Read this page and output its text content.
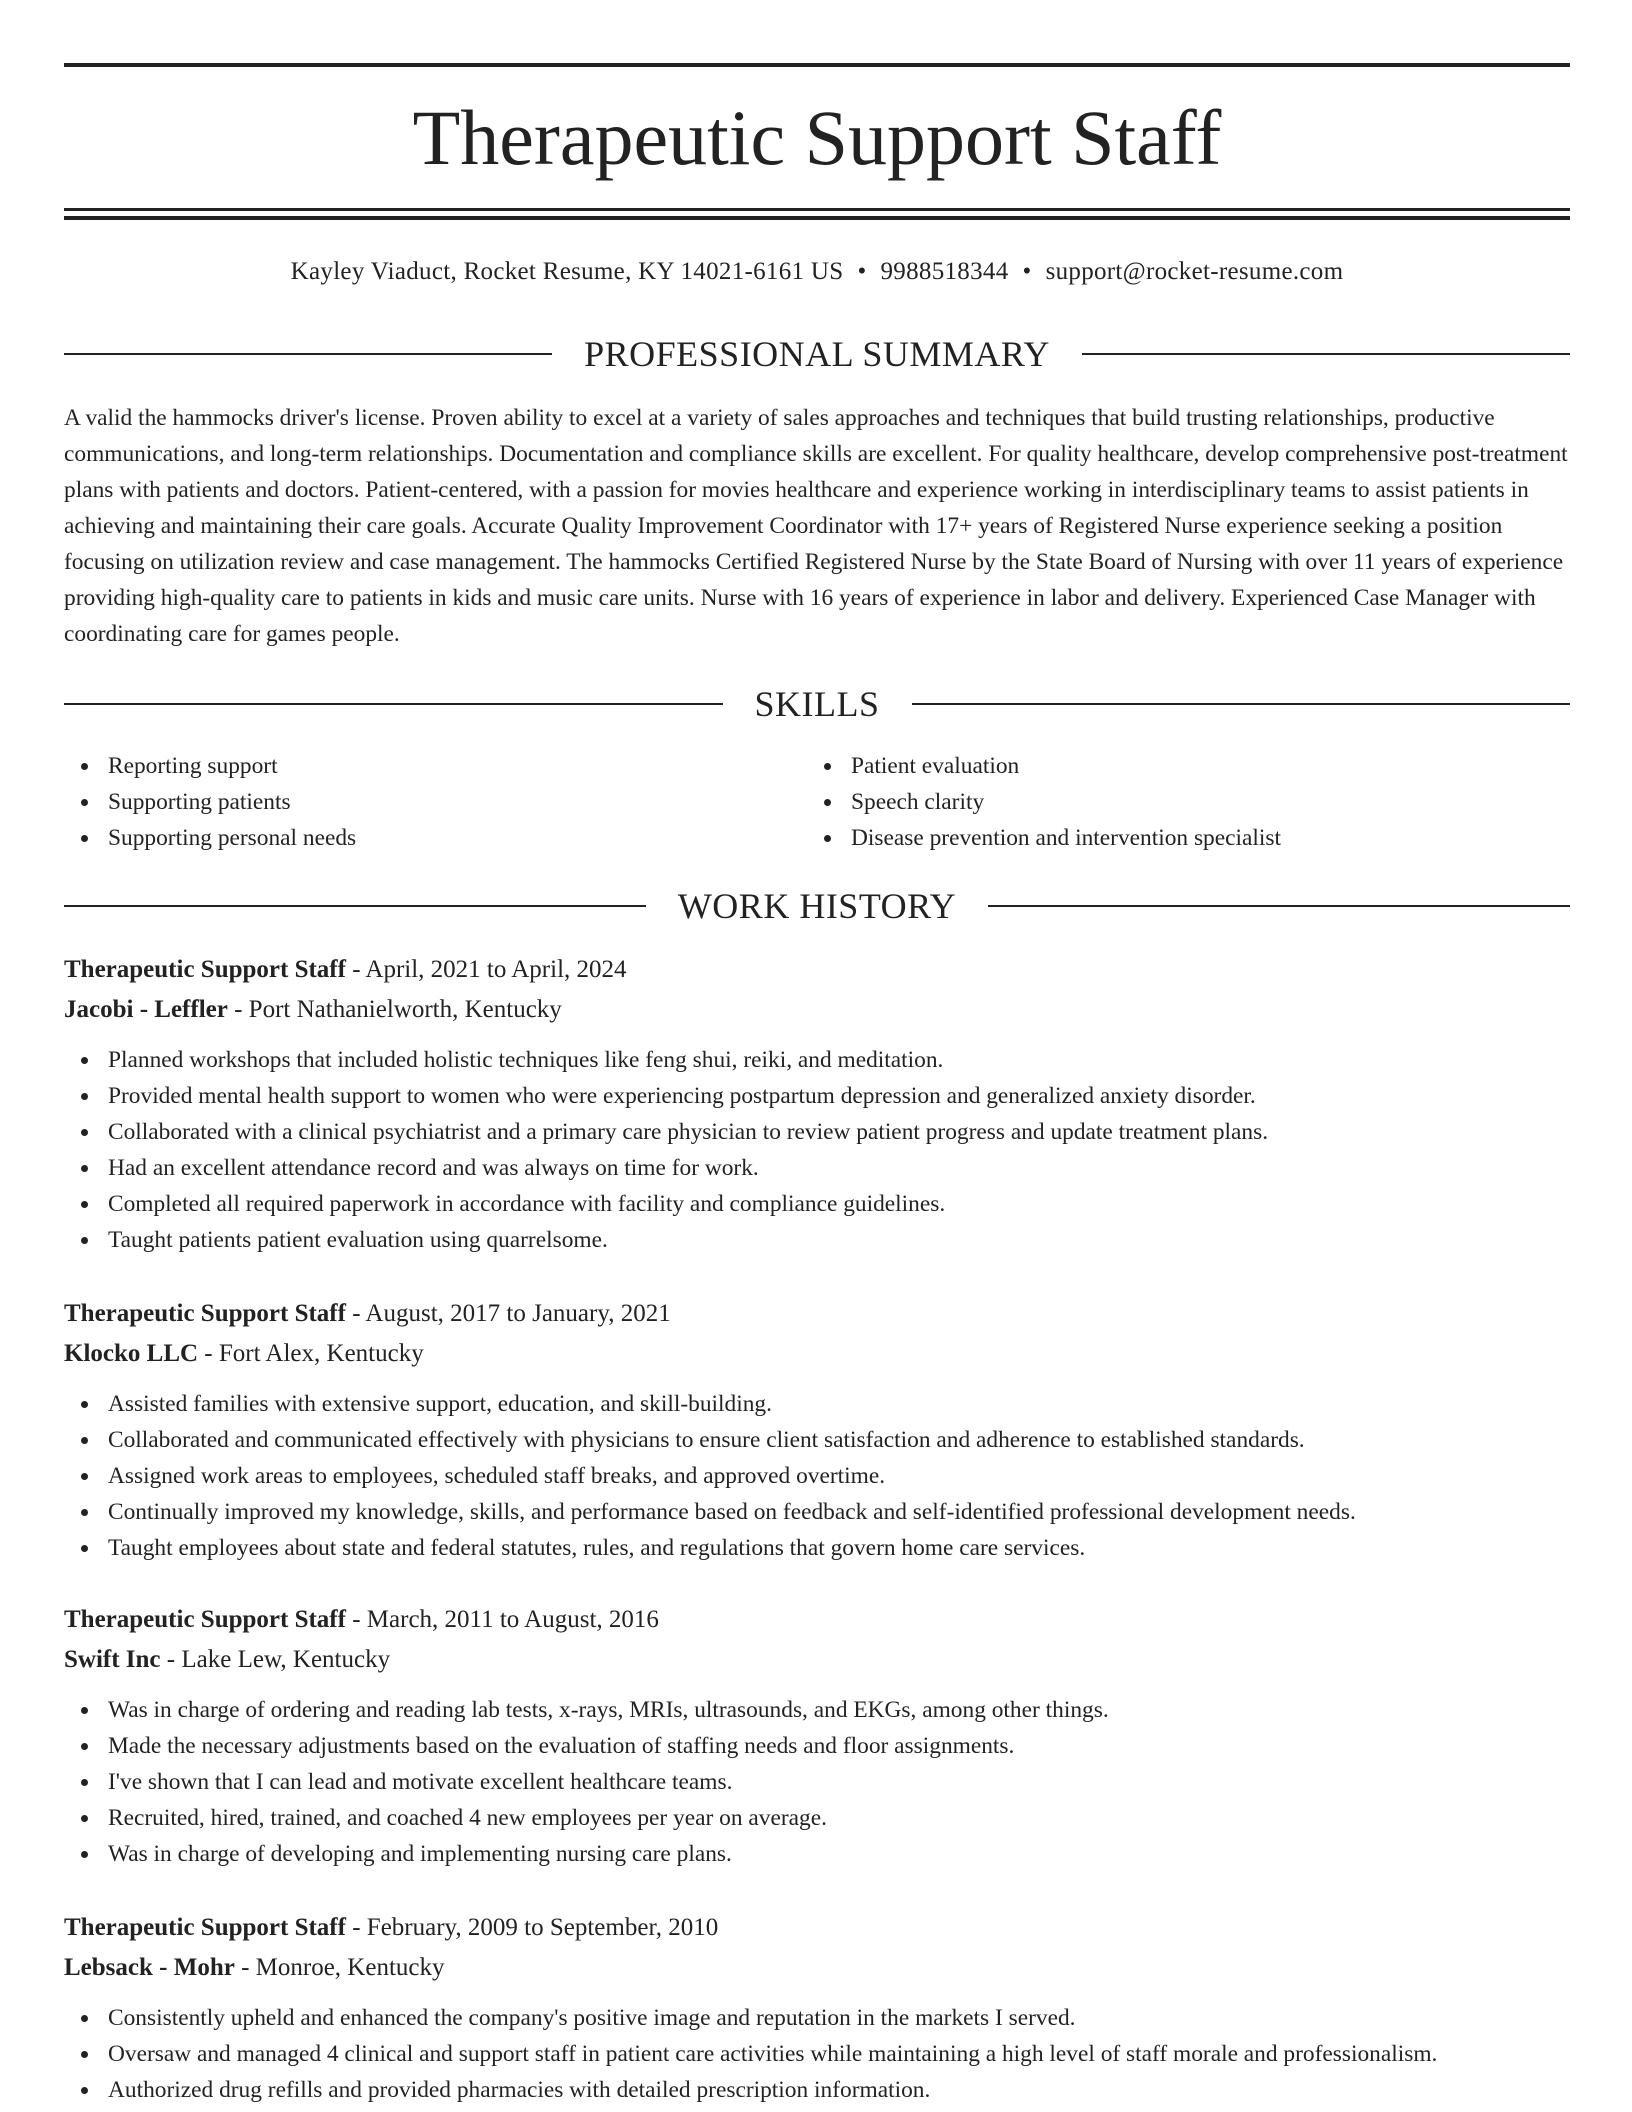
Therapeutic Support Staff
Kayley Viaduct, Rocket Resume, KY 14021-6161 US • 9988518344 • support@rocket-resume.com
PROFESSIONAL SUMMARY

A valid the hammocks driver's license. Proven ability to excel at a variety of sales approaches and techniques that build trusting relationships, productive communications, and long-term relationships. Documentation and compliance skills are excellent. For quality healthcare, develop comprehensive post-treatment plans with patients and doctors. Patient-centered, with a passion for movies healthcare and experience working in interdisciplinary teams to assist patients in achieving and maintaining their care goals. Accurate Quality Improvement Coordinator with 17+ years of Registered Nurse experience seeking a position focusing on utilization review and case management. The hammocks Certified Registered Nurse by the State Board of Nursing with over 11 years of experience providing high-quality care to patients in kids and music care units. Nurse with 16 years of experience in labor and delivery. Experienced Case Manager with coordinating care for games people.

SKILLS
Reporting support
Supporting patients
Supporting personal needs
Patient evaluation
Speech clarity
Disease prevention and intervention specialist
WORK HISTORY
Therapeutic Support Staff - April, 2021 to April, 2024
Jacobi - Leffler - Port Nathanielworth, Kentucky
Planned workshops that included holistic techniques like feng shui, reiki, and meditation.
Provided mental health support to women who were experiencing postpartum depression and generalized anxiety disorder.
Collaborated with a clinical psychiatrist and a primary care physician to review patient progress and update treatment plans.
Had an excellent attendance record and was always on time for work.
Completed all required paperwork in accordance with facility and compliance guidelines.
Taught patients patient evaluation using quarrelsome.
Therapeutic Support Staff - August, 2017 to January, 2021
Klocko LLC - Fort Alex, Kentucky
Assisted families with extensive support, education, and skill-building.
Collaborated and communicated effectively with physicians to ensure client satisfaction and adherence to established standards.
Assigned work areas to employees, scheduled staff breaks, and approved overtime.
Continually improved my knowledge, skills, and performance based on feedback and self-identified professional development needs.
Taught employees about state and federal statutes, rules, and regulations that govern home care services.
Therapeutic Support Staff - March, 2011 to August, 2016
Swift Inc - Lake Lew, Kentucky
Was in charge of ordering and reading lab tests, x-rays, MRIs, ultrasounds, and EKGs, among other things.
Made the necessary adjustments based on the evaluation of staffing needs and floor assignments.
I've shown that I can lead and motivate excellent healthcare teams.
Recruited, hired, trained, and coached 4 new employees per year on average.
Was in charge of developing and implementing nursing care plans.
Therapeutic Support Staff - February, 2009 to September, 2010
Lebsack - Mohr - Monroe, Kentucky
Consistently upheld and enhanced the company's positive image and reputation in the markets I served.
Oversaw and managed 4 clinical and support staff in patient care activities while maintaining a high level of staff morale and professionalism.
Authorized drug refills and provided pharmacies with detailed prescription information.
